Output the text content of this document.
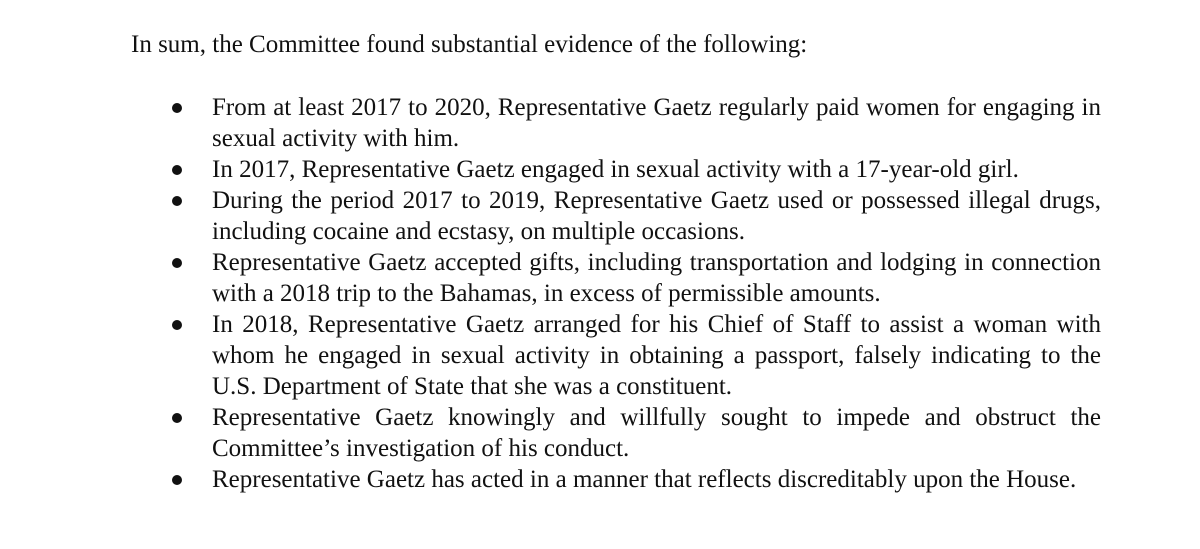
In sum, the Committee found substantial evidence of the following:

From at least 2017 to 2020, Representative Gaetz regularly paid women for engaging in sexual activity with him.
In 2017, Representative Gaetz engaged in sexual activity with a 17-year-old girl.
During the period 2017 to 2019, Representative Gaetz used or possessed illegal drugs, including cocaine and ecstasy, on multiple occasions.
Representative Gaetz accepted gifts, including transportation and lodging in connection with a 2018 trip to the Bahamas, in excess of permissible amounts.
In 2018, Representative Gaetz arranged for his Chief of Staff to assist a woman with whom he engaged in sexual activity in obtaining a passport, falsely indicating to the U.S. Department of State that she was a constituent.
Representative Gaetz knowingly and willfully sought to impede and obstruct the Committee’s investigation of his conduct.
Representative Gaetz has acted in a manner that reflects discreditably upon the House.
